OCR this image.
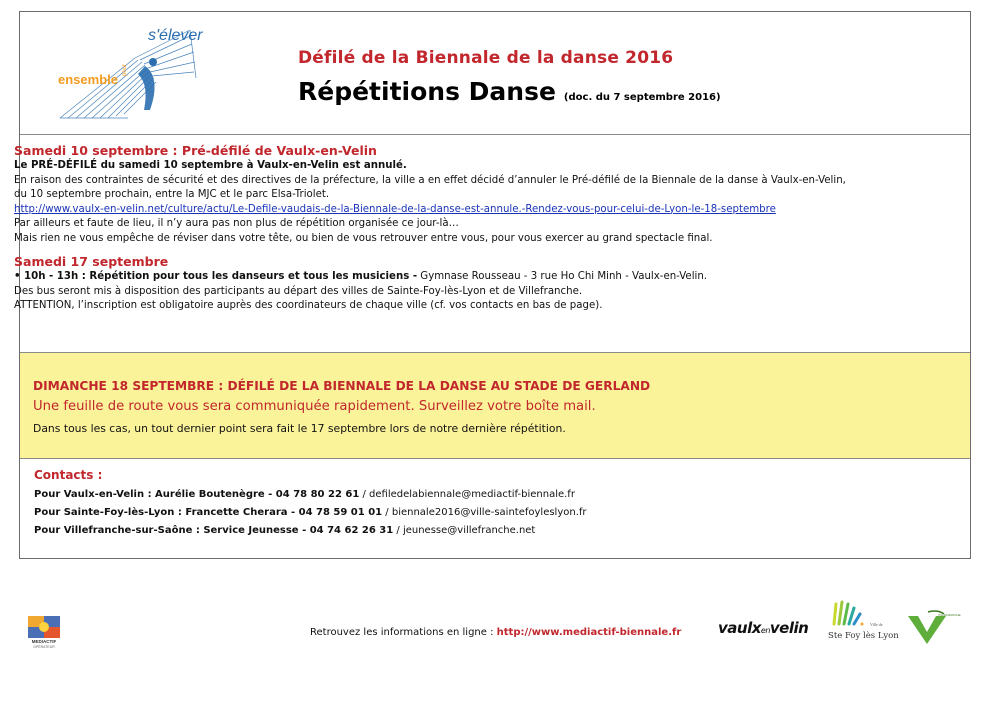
ensemble
pour
s'élever
Défilé de la Biennale de la danse 2016
Répétitions Danse (doc. du 7 septembre 2016)
DIMANCHE 18 SEPTEMBRE : DÉFILÉ DE LA BIENNALE DE LA DANSE AU STADE DE GERLAND
Une feuille de route vous sera communiquée rapidement. Surveillez votre boîte mail.
Dans tous les cas, un tout dernier point sera fait le 17 septembre lors de notre dernière répétition.
Contacts :
Pour Vaulx-en-Velin : Aurélie Boutenègre - 04 78 80 22 61 / defiledelabiennale@mediactif-biennale.fr
Pour Sainte-Foy-lès-Lyon : Francette Cherara - 04 78 59 01 01 / biennale2016@ville-saintefoyleslyon.fr
Pour Villefranche-sur-Saône : Service Jeunesse - 04 74 62 26 31 / jeunesse@villefranche.net

Samedi 10 septembre : Pré-défilé de Vaulx-en-Velin

Le PRÉ-DÉFILÉ du samedi 10 septembre à Vaulx-en-Velin est annulé.

En raison des contraintes de sécurité et des directives de la préfecture, la ville a en effet décidé d’annuler le Pré-défilé de la Biennale de la danse à Vaulx-en-Velin,

du 10 septembre prochain, entre la MJC et le parc Elsa-Triolet.

http://www.vaulx-en-velin.net/culture/actu/Le-Defile-vaudais-de-la-Biennale-de-la-danse-est-annule.-Rendez-vous-pour-celui-de-Lyon-le-18-septembre

Par ailleurs et faute de lieu, il n’y aura pas non plus de répétition organisée ce jour-là…

Mais rien ne vous empêche de réviser dans votre tête, ou bien de vous retrouver entre vous, pour vous exercer au grand spectacle final.

Samedi 17 septembre

• 10h - 13h : Répétition pour tous les danseurs et tous les musiciens - Gymnase Rousseau - 3 rue Ho Chi Minh - Vaulx-en-Velin.

Des bus seront mis à disposition des participants au départ des villes de Sainte-Foy-lès-Lyon et de Villefranche.

ATTENTION, l’inscription est obligatoire auprès des coordinateurs de chaque ville (cf. vos contacts en bas de page).

MEDIACTIF
OPÉRATEUR
Retrouvez les informations en ligne : http://www.mediactif-biennale.fr vaulxenvelin	Ville de
Ste Foy lès Lyon
VILLEFRANCHE
